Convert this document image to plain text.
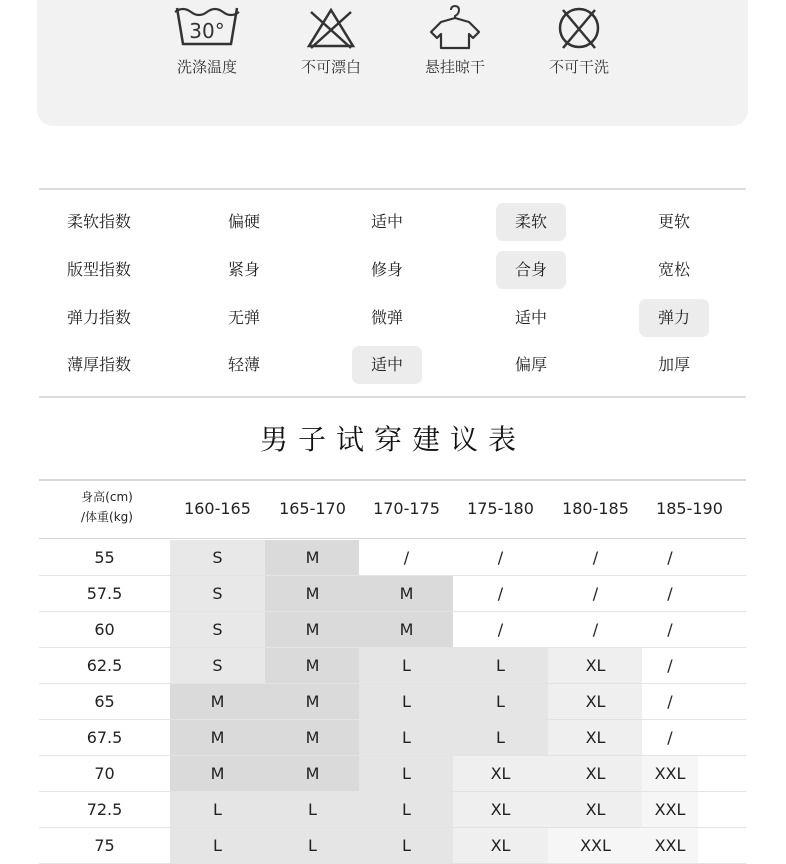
30°
洗涤温度	不可漂白	悬挂晾干	不可干洗
柔软指数	偏硬	适中	柔软	更软
版型指数	紧身	修身	合身	宽松
弹力指数	无弹	微弹	适中	弹力
薄厚指数	轻薄	适中	偏厚	加厚
男子试穿建议表
身高(cm)
/体重(kg)	160-165	165-170	170-175	175-180	180-185	185-190
55	S	M	/	/	/	/
57.5	S	M	M	/	/	/
60	S	M	M	/	/	/
62.5	S	M	L	L	XL	/
65	M	M	L	L	XL	/
67.5	M	M	L	L	XL	/
70	M	M	L	XL	XL	XXL
72.5	L	L	L	XL	XL	XXL
75	L	L	L	XL	XXL	XXL
